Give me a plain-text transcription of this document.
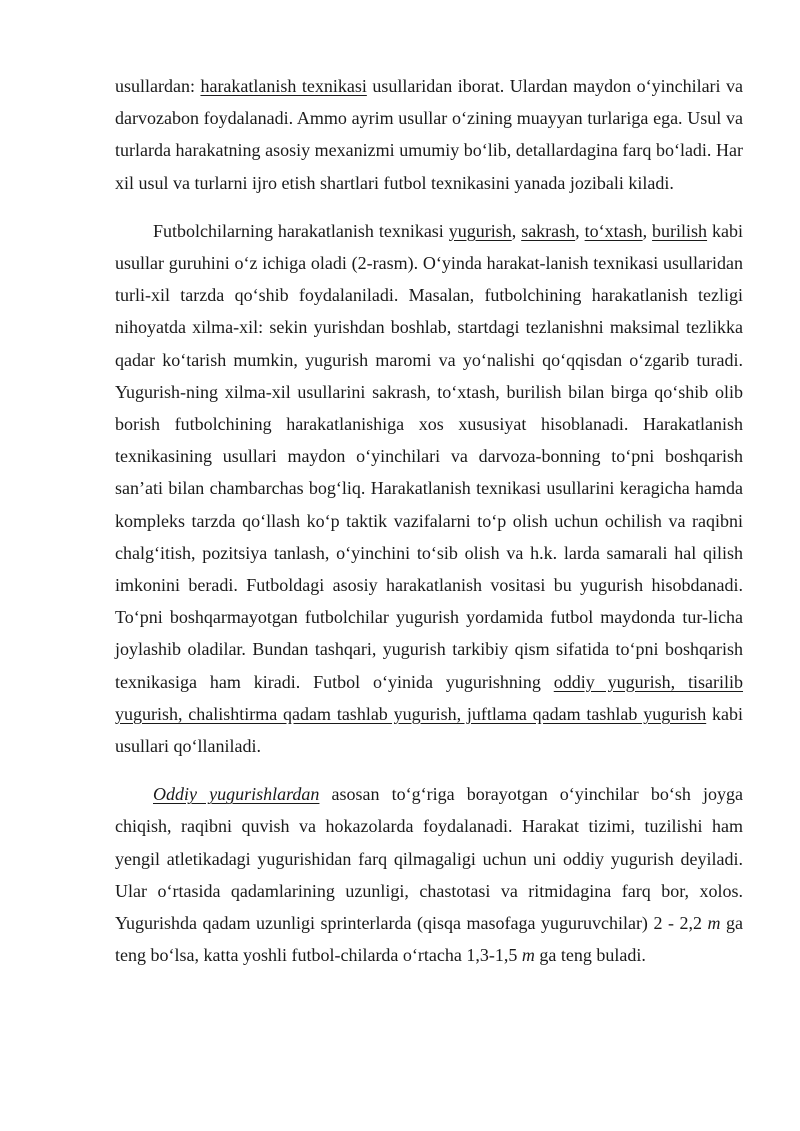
usullardan: harakatlanish texnikasi usullaridan iborat. Ulardan maydon o‘yinchilari va darvozabon foydalanadi. Ammo ayrim usullar o‘zining muayyan turlariga ega. Usul va turlarda harakatning asosiy mexanizmi umumiy bo‘lib, detallardagina farq bo‘ladi. Har xil usul va turlarni ijro etish shartlari futbol texnikasini yanada jozibali kiladi.

Futbolchilarning harakatlanish texnikasi yugurish, sakrash, to‘xtash, burilish kabi usullar guruhini o‘z ichiga oladi (2-rasm). O‘yinda harakat-lanish texnikasi usullaridan turli-xil tarzda qo‘shib foydalaniladi. Masalan, futbolchining harakatlanish tezligi nihoyatda xilma-xil: sekin yurishdan boshlab, startdagi tezlanishni maksimal tezlikka qadar ko‘tarish mumkin, yugurish maromi va yo‘nalishi qo‘qqisdan o‘zgarib turadi. Yugurish-ning xilma-xil usullarini sakrash, to‘xtash, burilish bilan birga qo‘shib olib borish futbolchining harakatlanishiga xos xususiyat hisoblanadi. Harakatlanish texnikasining usullari maydon o‘yinchilari va darvoza-bonning to‘pni boshqarish san’ati bilan chambarchas bog‘liq. Harakatlanish texnikasi usullarini keragicha hamda kompleks tarzda qo‘llash ko‘p taktik vazifalarni to‘p olish uchun ochilish va raqibni chalg‘itish, pozitsiya tanlash, o‘yinchini to‘sib olish va h.k. larda samarali hal qilish imkonini beradi. Futboldagi asosiy harakatlanish vositasi bu yugurish hisobdanadi. To‘pni boshqarmayotgan futbolchilar yugurish yordamida futbol maydonda tur-licha joylashib oladilar. Bundan tashqari, yugurish tarkibiy qism sifatida to‘pni boshqarish texnikasiga ham kiradi. Futbol o‘yinida yugurishning oddiy yugurish, tisarilib yugurish, chalishtirma qadam tashlab yugurish, juftlama qadam tashlab yugurish kabi usullari qo‘llaniladi.

Oddiy yugurishlardan asosan to‘g‘riga borayotgan o‘yinchilar bo‘sh joyga chiqish, raqibni quvish va hokazolarda foydalanadi. Harakat tizimi, tuzilishi ham yengil atletikadagi yugurishidan farq qilmagaligi uchun uni oddiy yugurish deyiladi. Ular o‘rtasida qadamlarining uzunligi, chastotasi va ritmidagina farq bor, xolos. Yugurishda qadam uzunligi sprinterlarda (qisqa masofaga yuguruvchilar) 2 - 2,2 m ga teng bo‘lsa, katta yoshli futbol-chilarda o‘rtacha 1,3-1,5 m ga teng buladi.
